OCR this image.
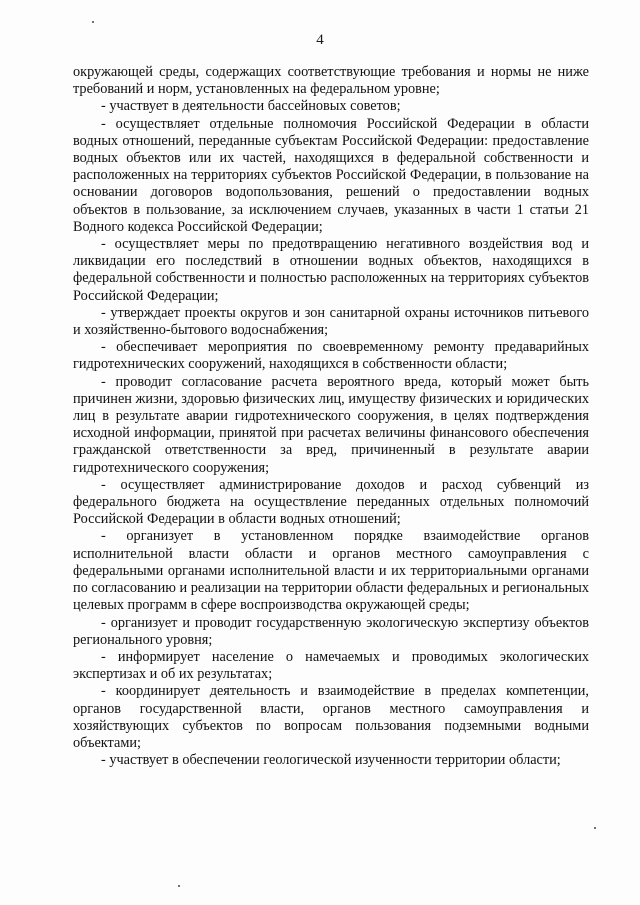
4

окружающей среды, содержащих соответствующие требования и нормы не ниже требований и норм, установленных на федеральном уровне;

- участвует в деятельности бассейновых советов;

- осуществляет отдельные полномочия Российской Федерации в области водных отношений, переданные субъектам Российской Федерации: предоставление водных объектов или их частей, находящихся в федеральной собственности и расположенных на территориях субъектов Российской Федерации, в пользование на основании договоров водопользования, решений о предоставлении водных объектов в пользование, за исключением случаев, указанных в части 1 статьи 21 Водного кодекса Российской Федерации;

- осуществляет меры по предотвращению негативного воздействия вод и ликвидации его последствий в отношении водных объектов, находящихся в федеральной собственности и полностью расположенных на территориях субъектов Российской Федерации;

- утверждает проекты округов и зон санитарной охраны источников питьевого и хозяйственно-бытового водоснабжения;

- обеспечивает мероприятия по своевременному ремонту предаварийных гидротехнических сооружений, находящихся в собственности области;

- проводит согласование расчета вероятного вреда, который может быть причинен жизни, здоровью физических лиц, имуществу физических и юридических лиц в результате аварии гидротехнического сооружения, в целях подтверждения исходной информации, принятой при расчетах величины финансового обеспечения гражданской ответственности за вред, причиненный в результате аварии гидротехнического сооружения;

- осуществляет администрирование доходов и расход субвенций из федерального бюджета на осуществление переданных отдельных полномочий Российской Федерации в области водных отношений;

- организует в установленном порядке взаимодействие органов исполнительной власти области и органов местного самоуправления с федеральными органами исполнительной власти и их территориальными органами по согласованию и реализации на территории области федеральных и региональных целевых программ в сфере воспроизводства окружающей среды;

- организует и проводит государственную экологическую экспертизу объектов регионального уровня;

- информирует население о намечаемых и проводимых экологических экспертизах и об их результатах;

- координирует деятельность и взаимодействие в пределах компетенции, органов государственной власти, органов местного самоуправления и хозяйствующих субъектов по вопросам пользования подземными водными объектами;

- участвует в обеспечении геологической изученности территории области;
